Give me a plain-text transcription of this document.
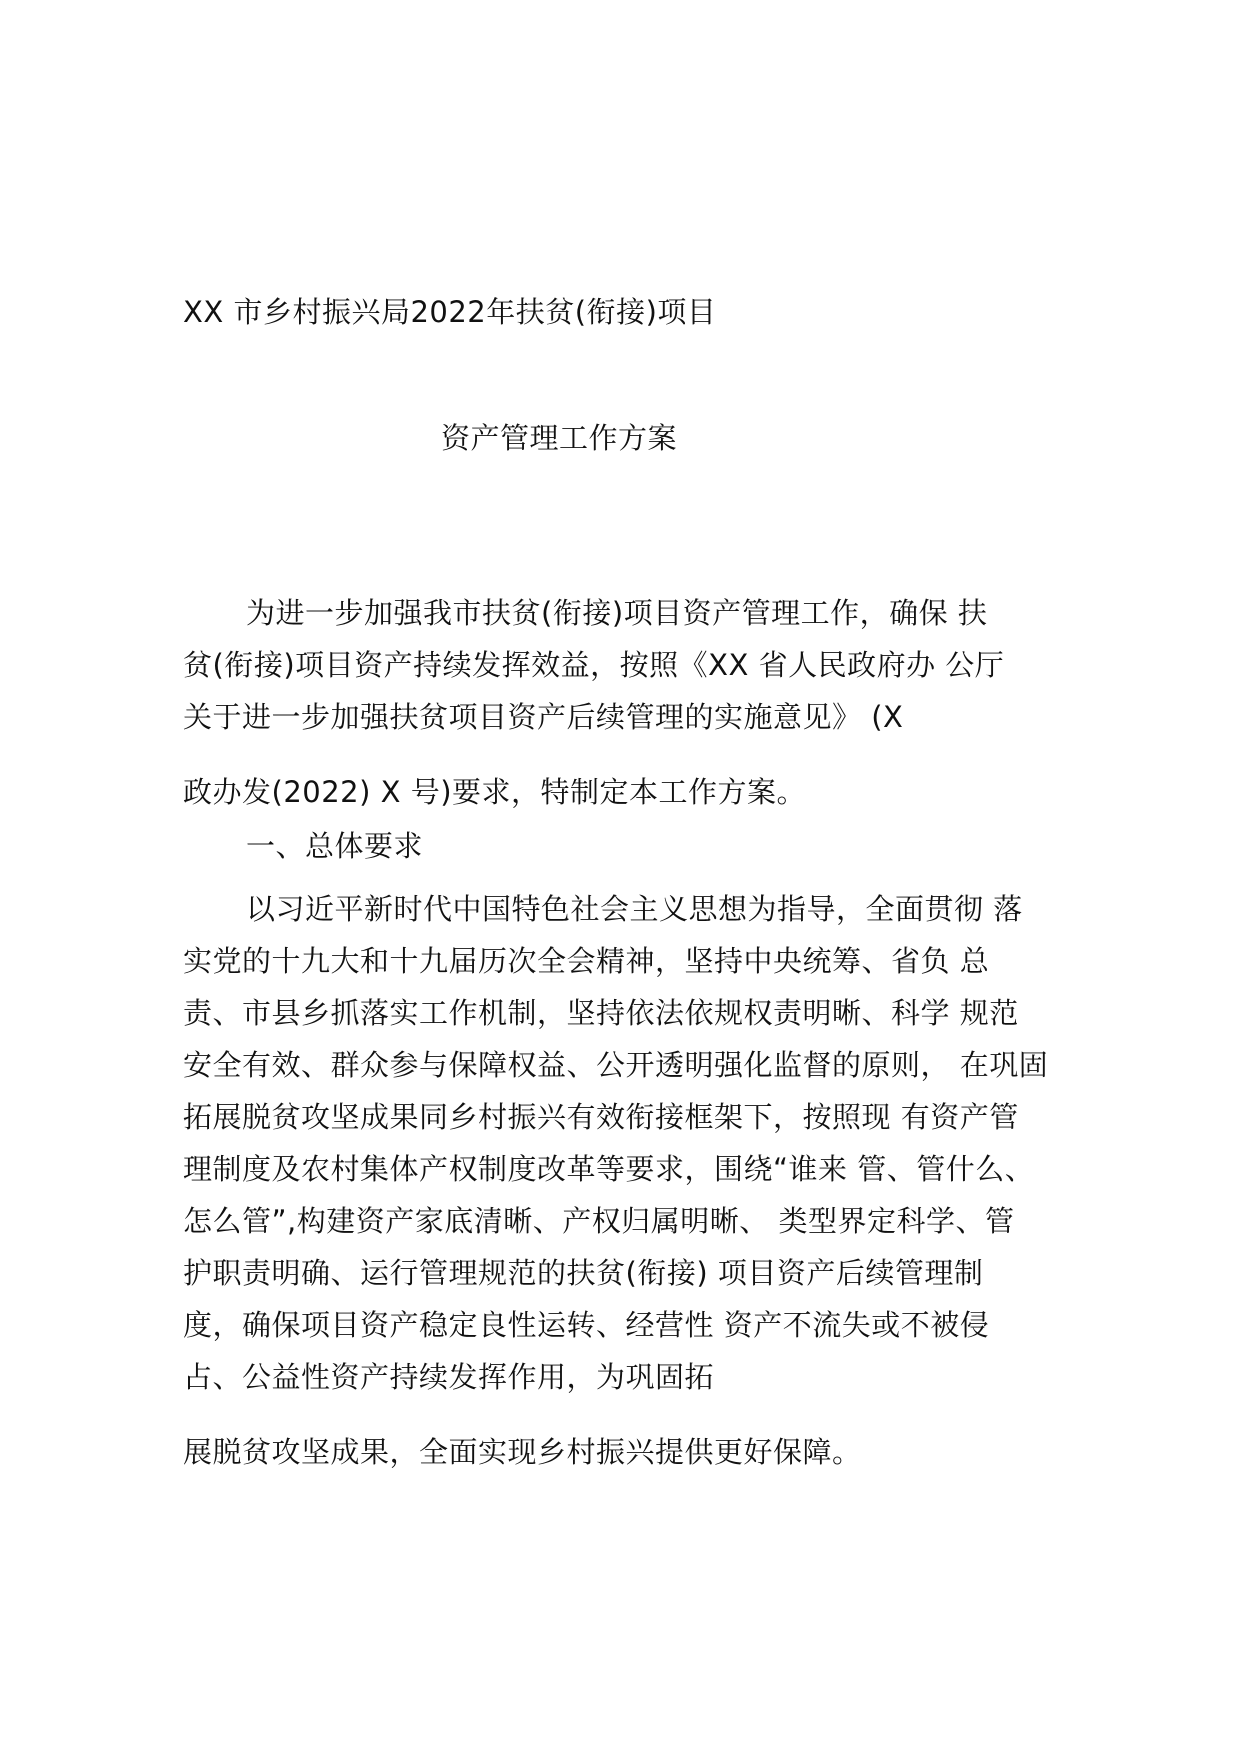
XX 市乡村振兴局2022年扶贫(衔接)项目
资产管理工作方案
为进一步加强我市扶贫(衔接)项目资产管理工作，确保 扶
贫(衔接)项目资产持续发挥效益，按照《XX 省人民政府办 公厅
关于进一步加强扶贫项目资产后续管理的实施意见》 (X
政办发(2022) X 号)要求，特制定本工作方案。
一、总体要求
以习近平新时代中国特色社会主义思想为指导，全面贯彻 落
实党的十九大和十九届历次全会精神，坚持中央统筹、省负 总
责、市县乡抓落实工作机制，坚持依法依规权责明晰、科学 规范
安全有效、群众参与保障权益、公开透明强化监督的原则， 在巩固
拓展脱贫攻坚成果同乡村振兴有效衔接框架下，按照现 有资产管
理制度及农村集体产权制度改革等要求，围绕“谁来 管、管什么、
怎么管”,构建资产家底清晰、产权归属明晰、 类型界定科学、管
护职责明确、运行管理规范的扶贫(衔接) 项目资产后续管理制
度，确保项目资产稳定良性运转、经营性 资产不流失或不被侵
占、公益性资产持续发挥作用，为巩固拓
展脱贫攻坚成果，全面实现乡村振兴提供更好保障。
